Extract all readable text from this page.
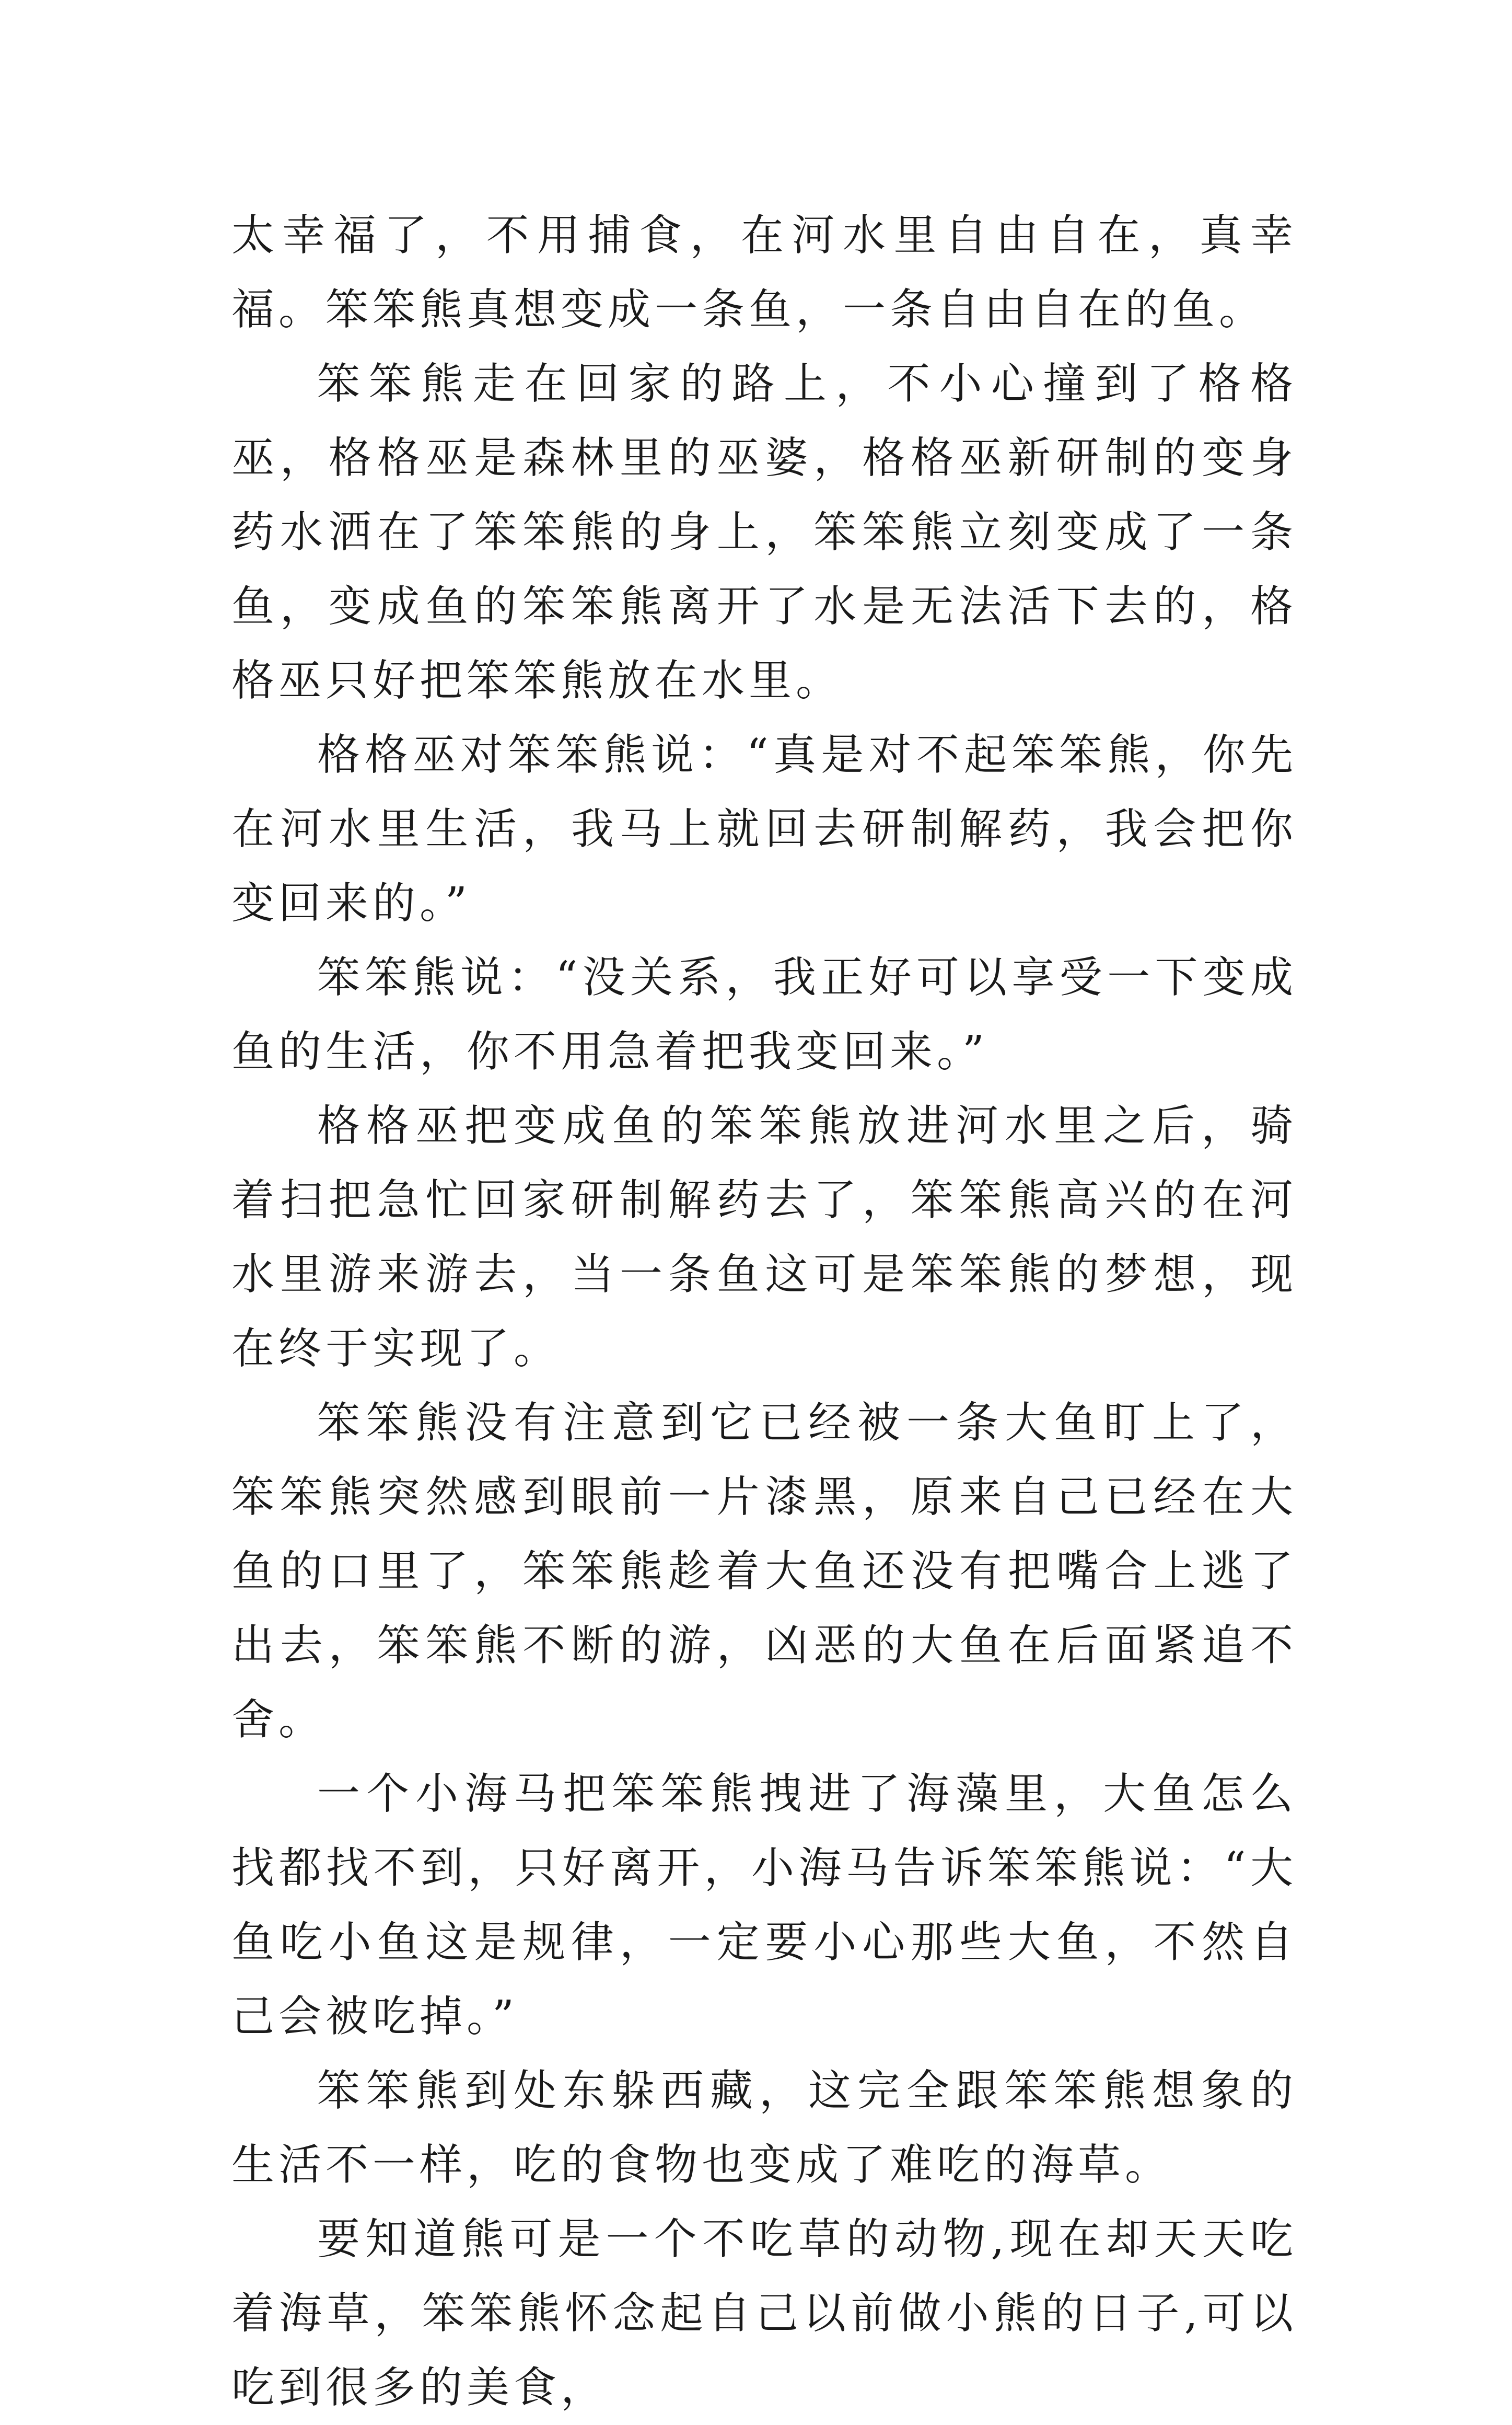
太幸福了，不用捕食，在河水里自由自在，真幸福。笨笨熊真想变成一条鱼，一条自由自在的鱼。

笨笨熊走在回家的路上，不小心撞到了格格巫，格格巫是森林里的巫婆，格格巫新研制的变身药水洒在了笨笨熊的身上，笨笨熊立刻变成了一条鱼，变成鱼的笨笨熊离开了水是无法活下去的，格格巫只好把笨笨熊放在水里。

格格巫对笨笨熊说：“真是对不起笨笨熊，你先在河水里生活，我马上就回去研制解药，我会把你变回来的。”

笨笨熊说：“没关系，我正好可以享受一下变成鱼的生活，你不用急着把我变回来。”

格格巫把变成鱼的笨笨熊放进河水里之后，骑着扫把急忙回家研制解药去了，笨笨熊高兴的在河水里游来游去，当一条鱼这可是笨笨熊的梦想，现在终于实现了。

笨笨熊没有注意到它已经被一条大鱼盯上了，笨笨熊突然感到眼前一片漆黑，原来自己已经在大鱼的口里了，笨笨熊趁着大鱼还没有把嘴合上逃了出去，笨笨熊不断的游，凶恶的大鱼在后面紧追不舍。

一个小海马把笨笨熊拽进了海藻里，大鱼怎么找都找不到，只好离开，小海马告诉笨笨熊说：“大鱼吃小鱼这是规律，一定要小心那些大鱼，不然自己会被吃掉。”

笨笨熊到处东躲西藏，这完全跟笨笨熊想象的生活不一样，吃的食物也变成了难吃的海草。

要知道熊可是一个不吃草的动物,现在却天天吃着海草，笨笨熊怀念起自己以前做小熊的日子,可以吃到很多的美食，
